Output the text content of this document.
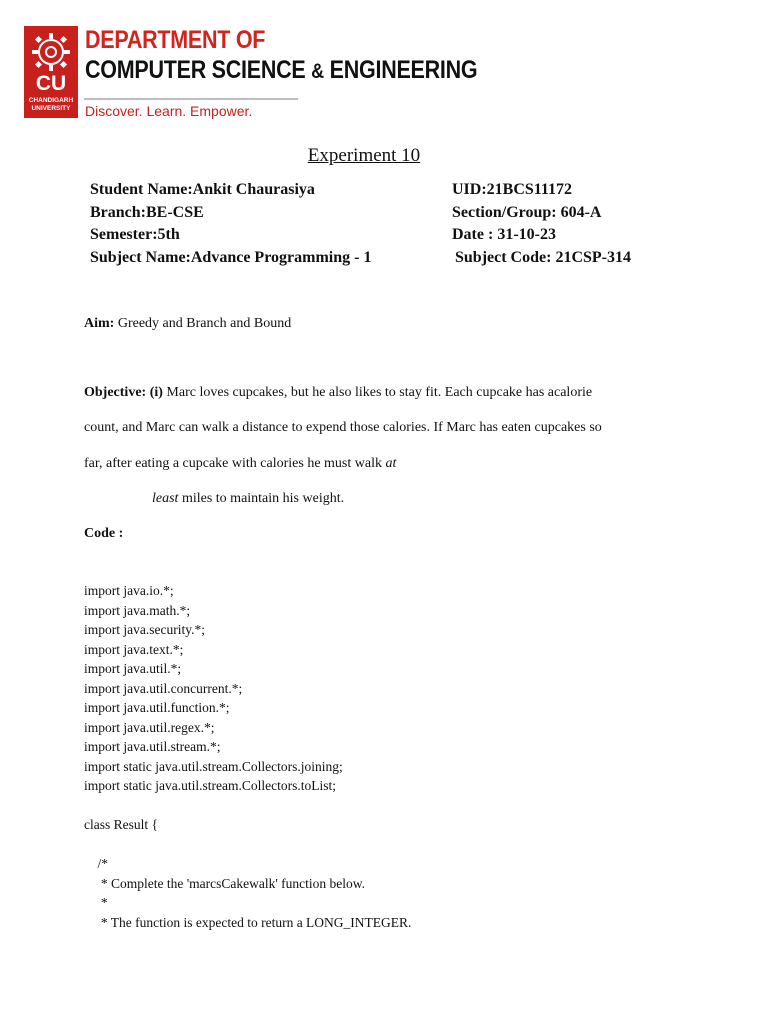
CU
CHANDIGARH UNIVERSITY
DEPARTMENT OF
COMPUTER SCIENCE & ENGINEERING
Discover. Learn. Empower.
Experiment 10
Student Name:Ankit Chaurasiya	UID:21BCS11172
Branch:BE-CSE	Section/Group: 604-A
Semester:5th	Date : 31-10-23
Subject Name:Advance Programming - 1	Subject Code: 21CSP-314
Aim: Greedy and Branch and Bound
Objective: (i) Marc loves cupcakes, but he also likes to stay fit. Each cupcake has acalorie
count, and Marc can walk a distance to expend those calories. If Marc has eaten cupcakes so
far, after eating a cupcake with calories he must walk at
least miles to maintain his weight.
Code :
import java.io.*;
import java.math.*;
import java.security.*;
import java.text.*;
import java.util.*;
import java.util.concurrent.*;
import java.util.function.*;
import java.util.regex.*;
import java.util.stream.*;
import static java.util.stream.Collectors.joining;
import static java.util.stream.Collectors.toList;

class Result {

/*
* Complete the 'marcsCakewalk' function below.
*
* The function is expected to return a LONG_INTEGER.
